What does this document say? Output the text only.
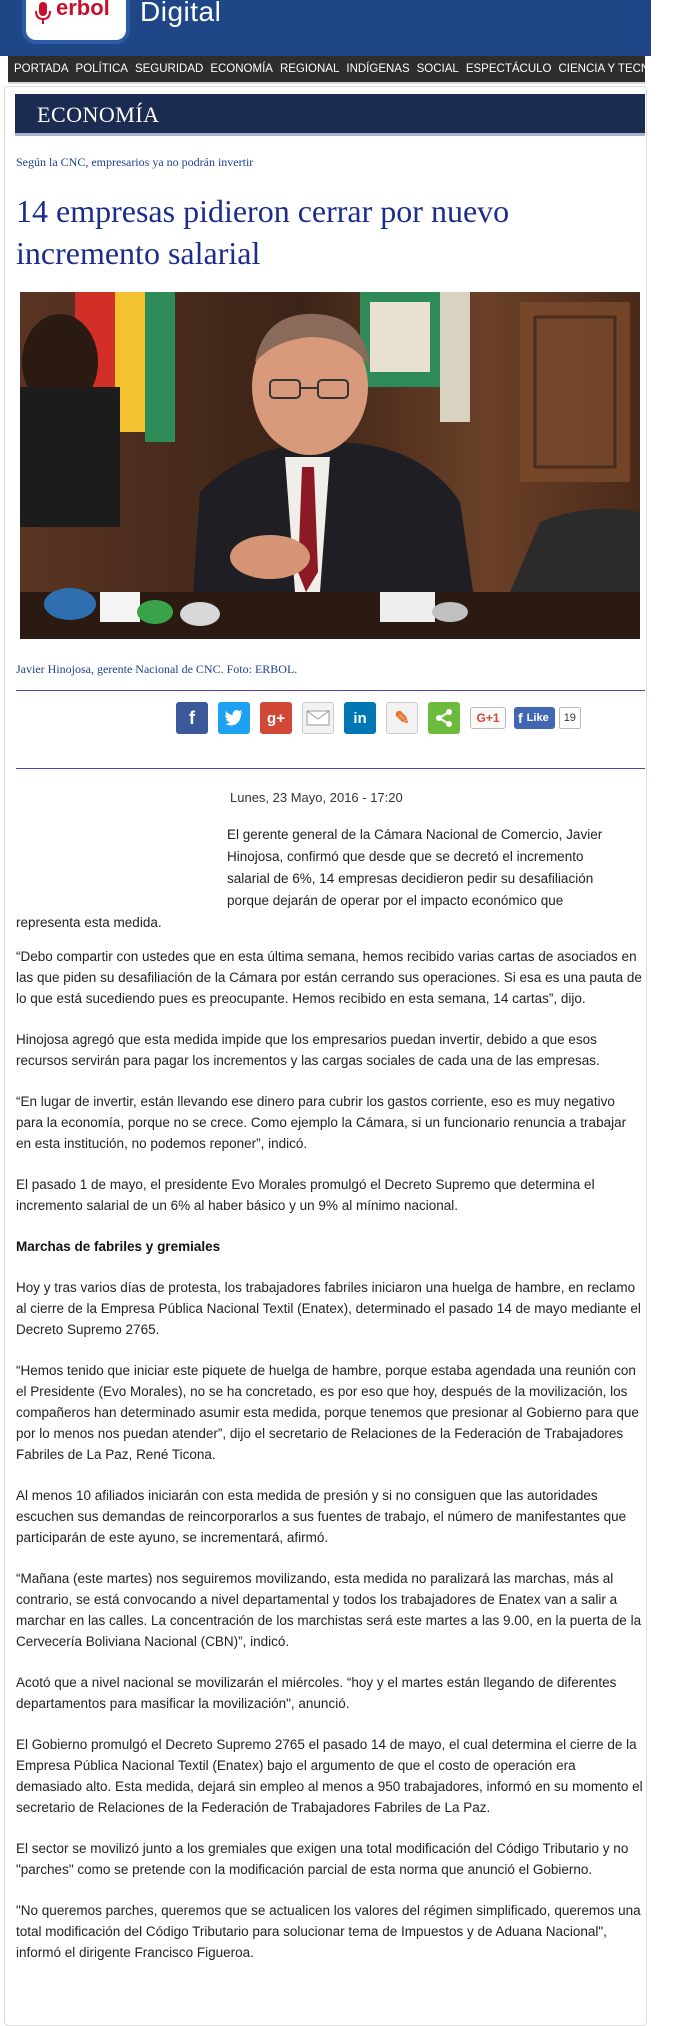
erbol Digital
PORTADA POLÍTICA SEGURIDAD ECONOMÍA REGIONAL INDÍGENAS SOCIAL ESPECTÁCULO CIENCIA Y TECNOLOGÍA
ECONOMÍA
Según la CNC, empresarios ya no podrán invertir
14 empresas pidieron cerrar por nuevo incremento salarial
Javier Hinojosa, gerente Nacional de CNC. Foto: ERBOL.
f	g+	in	✎	G+1	f Like	19
Lunes, 23 Mayo, 2016 - 17:20

El gerente general de la Cámara Nacional de Comercio, Javier
Hinojosa, confirmó que desde que se decretó el incremento
salarial de 6%, 14 empresas decidieron pedir su desafiliación
porque dejarán de operar por el impacto económico que
representa esta medida.

“Debo compartir con ustedes que en esta última semana, hemos recibido varias cartas de asociados en las que piden su desafiliación de la Cámara por están cerrando sus operaciones. Si esa es una pauta de lo que está sucediendo pues es preocupante. Hemos recibido en esta semana, 14 cartas”, dijo.

Hinojosa agregó que esta medida impide que los empresarios puedan invertir, debido a que esos recursos servirán para pagar los incrementos y las cargas sociales de cada una de las empresas.

“En lugar de invertir, están llevando ese dinero para cubrir los gastos corriente, eso es muy negativo para la economía, porque no se crece. Como ejemplo la Cámara, si un funcionario renuncia a trabajar en esta institución, no podemos reponer”, indicó.

El pasado 1 de mayo, el presidente Evo Morales promulgó el Decreto Supremo que determina el incremento salarial de un 6% al haber básico y un 9% al mínimo nacional.

Marchas de fabriles y gremiales

Hoy y tras varios días de protesta, los trabajadores fabriles iniciaron una huelga de hambre, en reclamo al cierre de la Empresa Pública Nacional Textil (Enatex), determinado el pasado 14 de mayo mediante el Decreto Supremo 2765.

“Hemos tenido que iniciar este piquete de huelga de hambre, porque estaba agendada una reunión con el Presidente (Evo Morales), no se ha concretado, es por eso que hoy, después de la movilización, los compañeros han determinado asumir esta medida, porque tenemos que presionar al Gobierno para que por lo menos nos puedan atender”, dijo el secretario de Relaciones de la Federación de Trabajadores Fabriles de La Paz, René Ticona.

Al menos 10 afiliados iniciarán con esta medida de presión y si no consiguen que las autoridades escuchen sus demandas de reincorporarlos a sus fuentes de trabajo, el número de manifestantes que participarán de este ayuno, se incrementará, afirmó.

“Mañana (este martes) nos seguiremos movilizando, esta medida no paralizará las marchas, más al contrario, se está convocando a nivel departamental y todos los trabajadores de Enatex van a salir a marchar en las calles. La concentración de los marchistas será este martes a las 9.00, en la puerta de la Cervecería Boliviana Nacional (CBN)”, indicó.

Acotó que a nivel nacional se movilizarán el miércoles. “hoy y el martes están llegando de diferentes departamentos para masificar la movilización", anunció.

El Gobierno promulgó el Decreto Supremo 2765 el pasado 14 de mayo, el cual determina el cierre de la Empresa Pública Nacional Textil (Enatex) bajo el argumento de que el costo de operación era demasiado alto. Esta medida, dejará sin empleo al menos a 950 trabajadores, informó en su momento el secretario de Relaciones de la Federación de Trabajadores Fabriles de La Paz.

El sector se movilizó junto a los gremiales que exigen una total modificación del Código Tributario y no "parches" como se pretende con la modificación parcial de esta norma que anunció el Gobierno.

"No queremos parches, queremos que se actualicen los valores del régimen simplificado, queremos una total modificación del Código Tributario para solucionar tema de Impuestos y de Aduana Nacional", informó el dirigente Francisco Figueroa.
